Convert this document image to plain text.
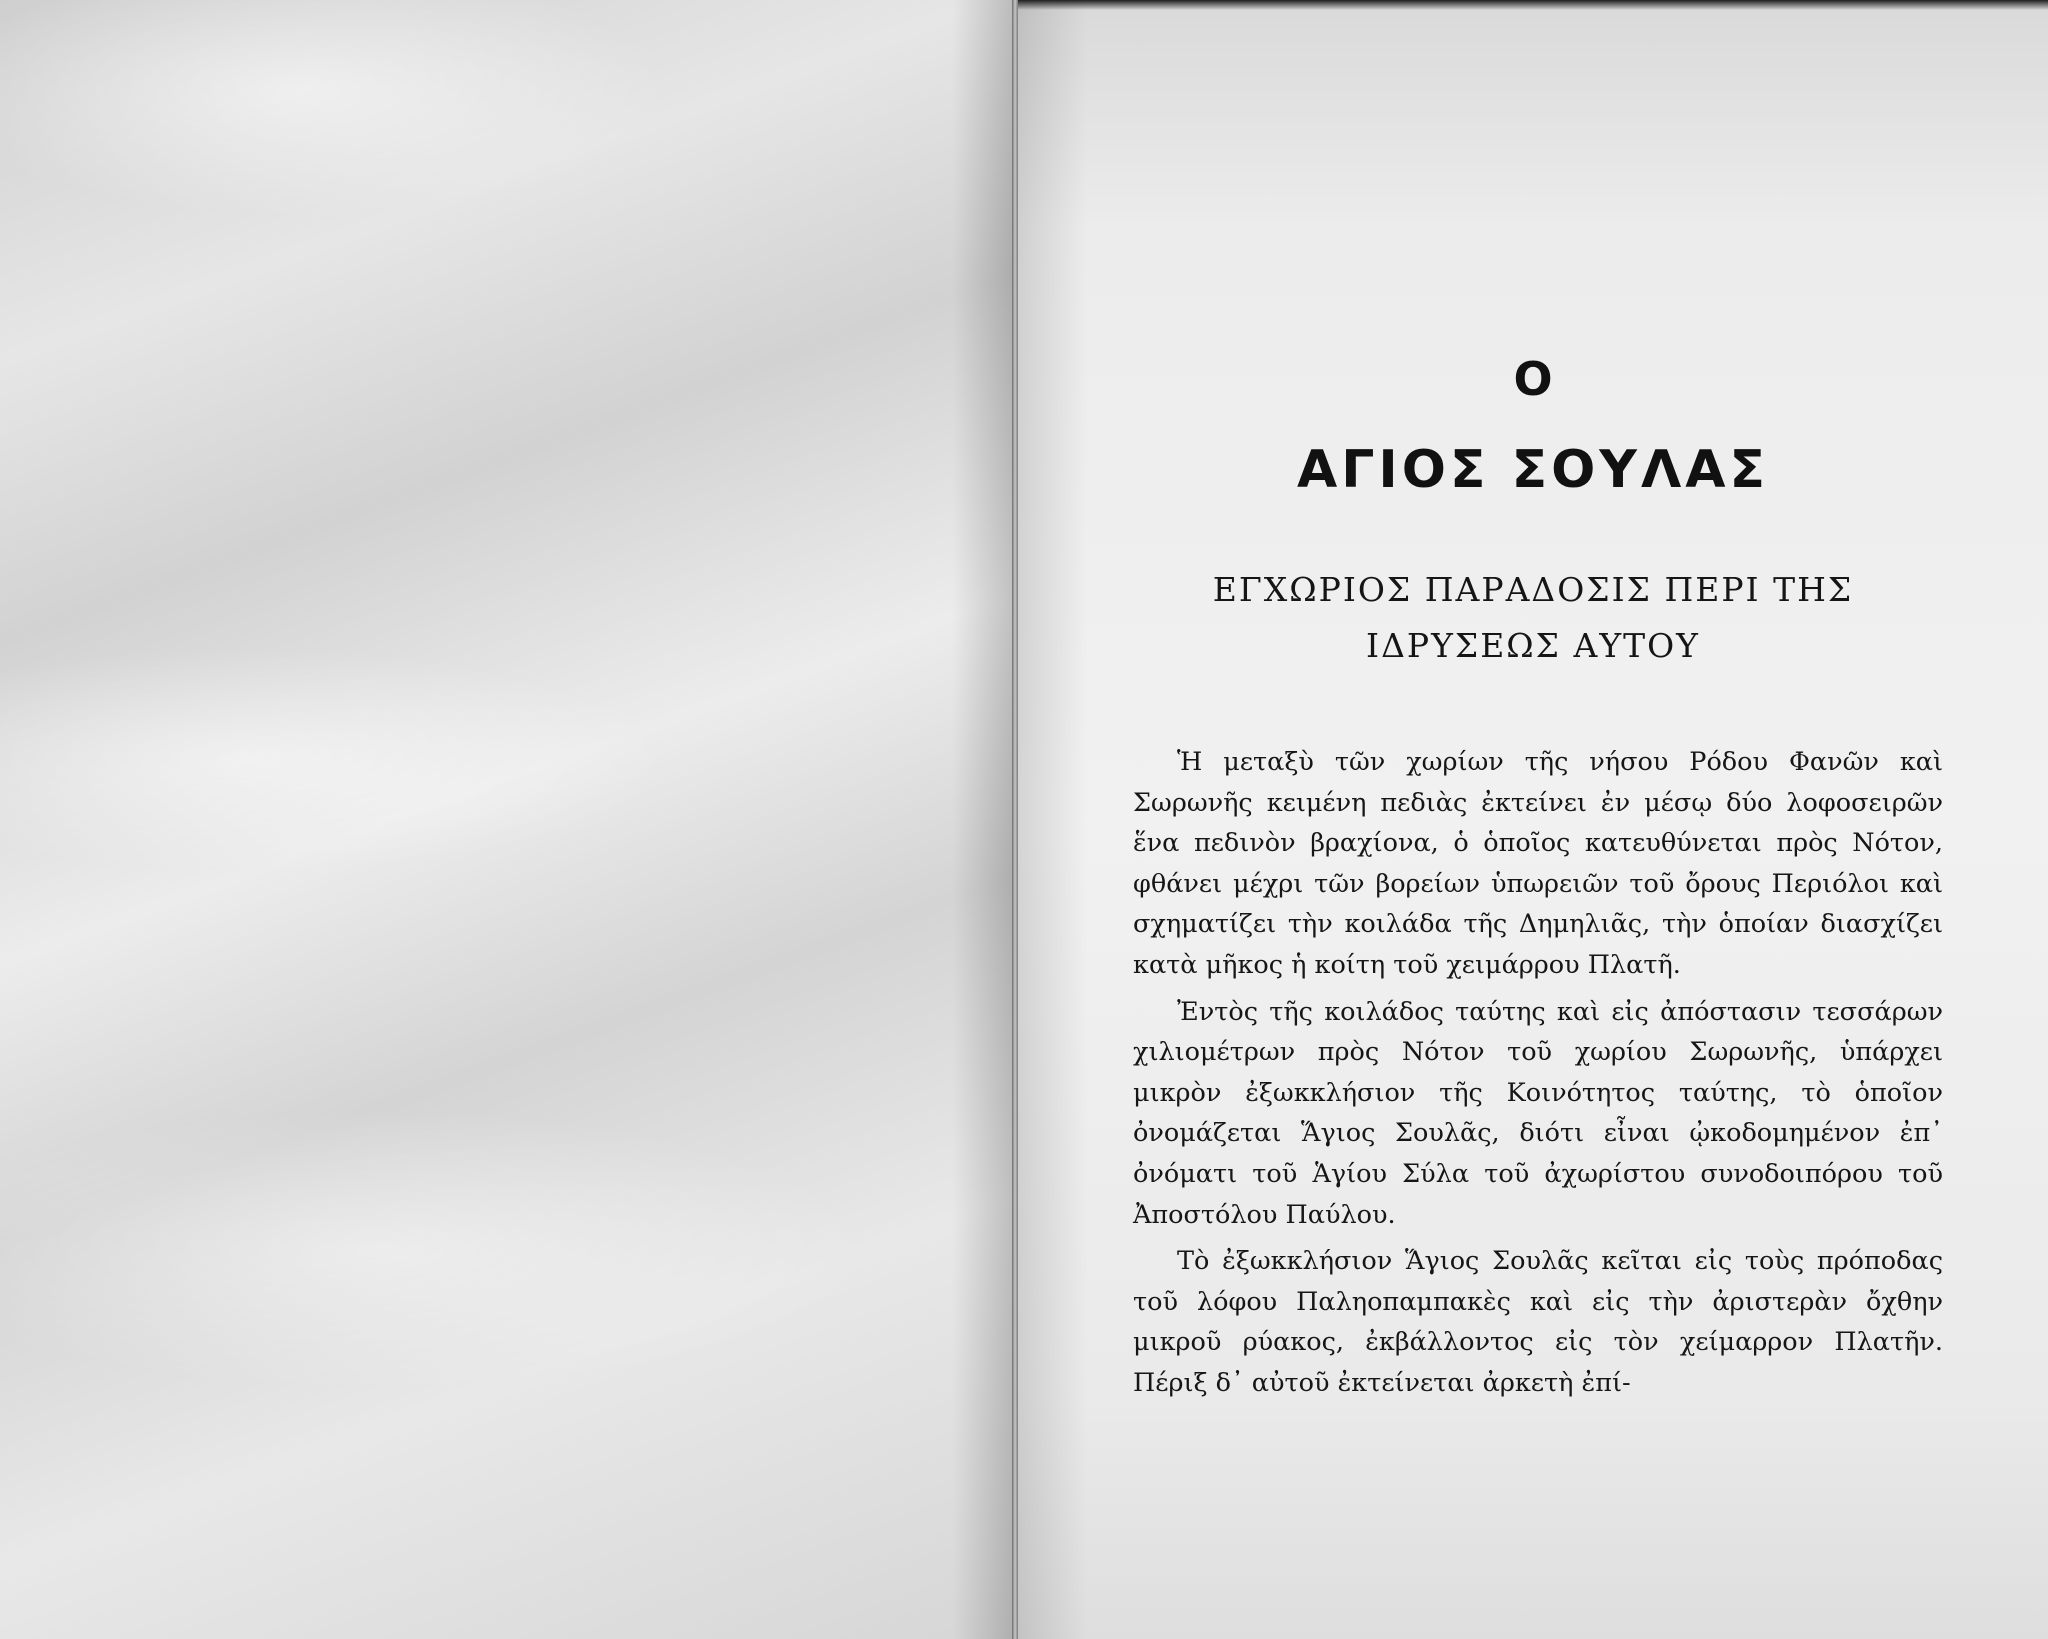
Ο
ΑΓΙΟΣ ΣΟΥΛΑΣ
ΕΓΧΩΡΙΟΣ ΠΑΡΑΔΟΣΙΣ ΠΕΡΙ ΤΗΣ
ΙΔΡΥΣΕΩΣ ΑΥΤΟΥ

Ἡ μεταξὺ τῶν χωρίων τῆς νήσου Ρόδου Φανῶν καὶ Σωρωνῆς κειμένη πεδιὰς ἐκτείνει ἐν μέσῳ δύο λοφοσειρῶν ἕνα πεδινὸν βραχίονα, ὁ ὁποῖος κατευθύνεται πρὸς Νότον, φθάνει μέχρι τῶν βορείων ὑπωρειῶν τοῦ ὄρους Περιόλοι καὶ σχηματίζει τὴν κοιλάδα τῆς Δημηλιᾶς, τὴν ὁποίαν διασχίζει κατὰ μῆκος ἡ κοίτη τοῦ χειμάρρου Πλατῆ.

Ἐντὸς τῆς κοιλάδος ταύτης καὶ εἰς ἀπόστασιν τεσσάρων χιλιομέτρων πρὸς Νότον τοῦ χωρίου Σωρωνῆς, ὑπάρχει μικρὸν ἐξωκκλήσιον τῆς Κοινότητος ταύτης, τὸ ὁποῖον ὀνομάζεται Ἅγιος Σουλᾶς, διότι εἶναι ᾠκοδομημένον ἐπ᾿ ὀνόματι τοῦ Ἁγίου Σύλα τοῦ ἀχωρίστου συνοδοιπόρου τοῦ Ἀποστόλου Παύλου.

Τὸ ἐξωκκλήσιον Ἅγιος Σουλᾶς κεῖται εἰς τοὺς πρόποδας τοῦ λόφου Παληοπαμπακὲς καὶ εἰς τὴν ἀριστερὰν ὄχθην μικροῦ ρύακος, ἐκβάλλοντος εἰς τὸν χείμαρρον Πλατῆν. Πέριξ δ᾿ αὐτοῦ ἐκτείνεται ἀρκετὴ ἐπί-
